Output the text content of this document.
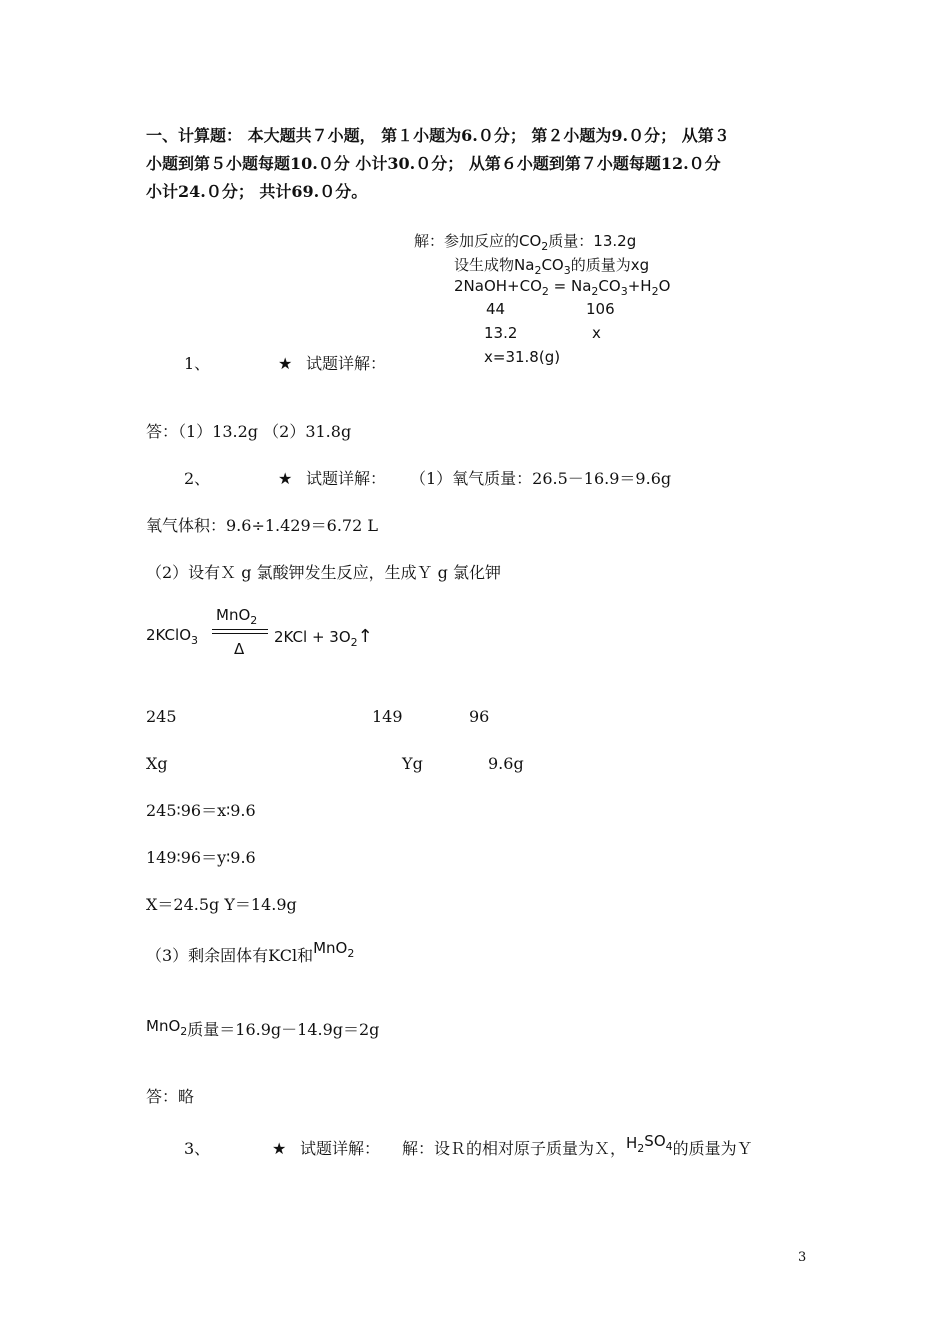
一、计算题： 本大题共７小题， 第１小题为6.０分； 第２小题为9.０分； 从第３
小题到第５小题每题10.０分 小计30.０分； 从第６小题到第７小题每题12.０分
小计24.０分； 共计69.０分。
解：参加反应的$CO_2$质量：13.2g
设生成物$Na_2CO_3$的质量为xg
$2NaOH+CO_2 = Na_2CO_3+H_2O$
44	106
13.2	x
x=31.8(g)
1、	★ 试题详解：
答：（1）13.2g （2）31.8g
2、	★ 试题详解： （1）氧气质量：26.5－16.9＝9.6g
氧气体积：9.6÷1.429＝6.72 L
（2）设有Ｘ g 氯酸钾发生反应，生成Ｙ g 氯化钾
2KClO$_3$
MnO$_2$
Δ
$2KCl + 3O_2↑$
245	149	96
Xg	Yg	9.6g
245∶96＝x∶9.6
149∶96＝y∶9.6
X＝24.5g Y＝14.9g
（3）剩余固体有KCl和MnO$^2$
MnO2质量＝16.9g－14.9g＝2g
答：略
3、	★ 试题详解： 解：设Ｒ的相对原子质量为Ｘ，$H2SO^4$的质量为Ｙ
3
